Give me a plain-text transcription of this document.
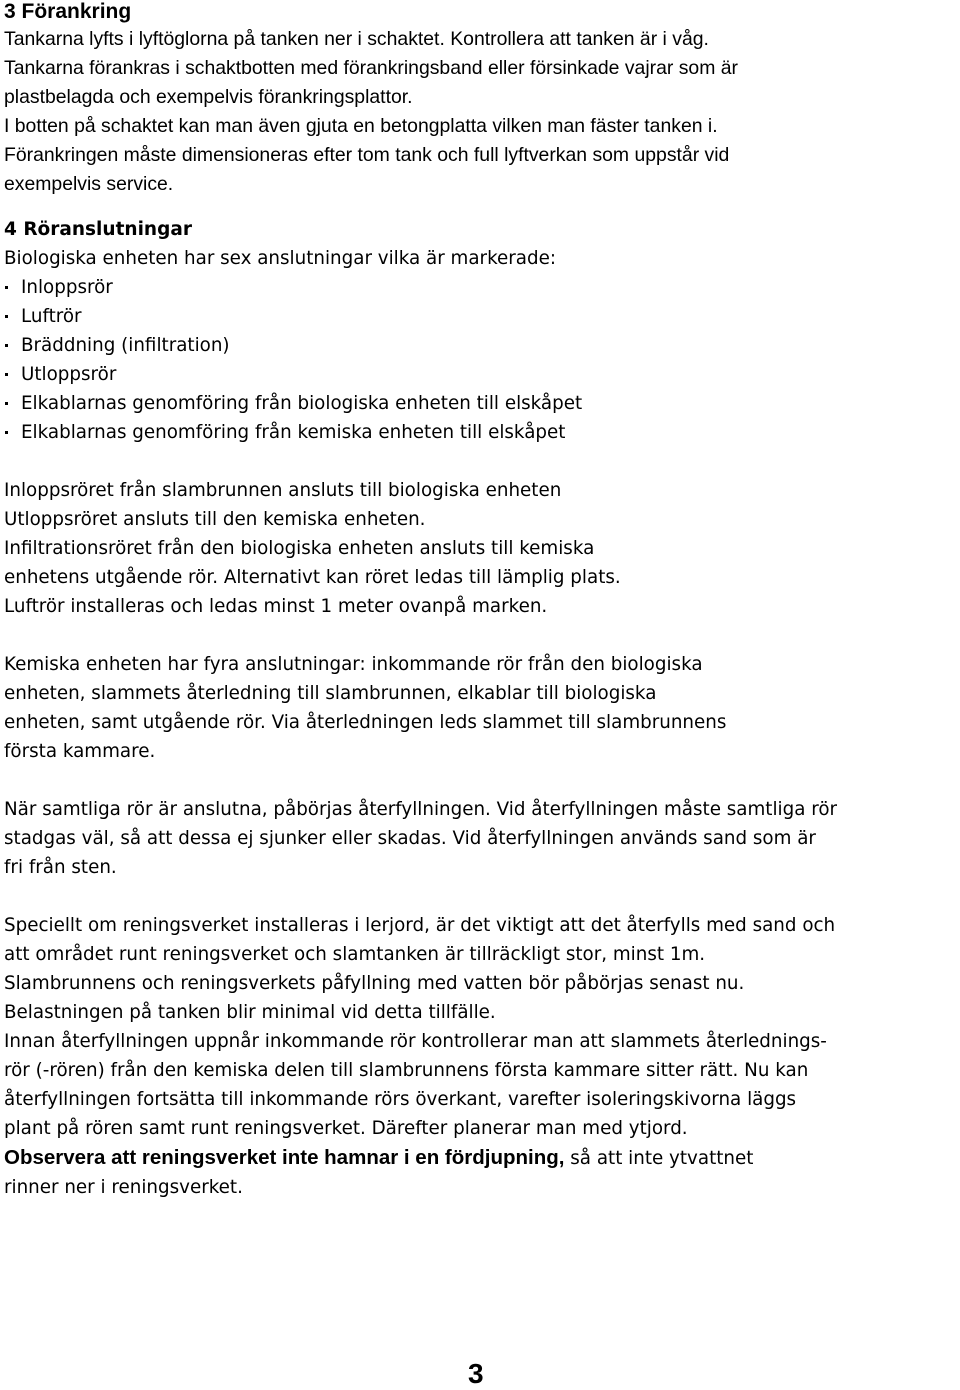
3 Förankring

Tankarna lyfts i lyftöglorna på tanken ner i schaktet. Kontrollera att tanken är i våg.

Tankarna förankras i schaktbotten med förankringsband eller försinkade vajrar som är

plastbelagda och exempelvis förankringsplattor.

I botten på schaktet kan man även gjuta en betongplatta vilken man fäster tanken i.

Förankringen måste dimensioneras efter tom tank och full lyftverkan som uppstår vid

exempelvis service.

4 Röranslutningar

Biologiska enheten har sex anslutningar vilka är markerade:

Inloppsrör
Luftrör
Bräddning (infiltration)
Utloppsrör
Elkablarnas genomföring från biologiska enheten till elskåpet
Elkablarnas genomföring från kemiska enheten till elskåpet

Inloppsröret från slambrunnen ansluts till biologiska enheten

Utloppsröret ansluts till den kemiska enheten.

Infiltrationsröret från den biologiska enheten ansluts till kemiska

enhetens utgående rör. Alternativt kan röret ledas till lämplig plats.

Luftrör installeras och ledas minst 1 meter ovanpå marken.

Kemiska enheten har fyra anslutningar: inkommande rör från den biologiska

enheten, slammets återledning till slambrunnen, elkablar till biologiska

enheten, samt utgående rör. Via återledningen leds slammet till slambrunnens

första kammare.

När samtliga rör är anslutna, påbörjas återfyllningen. Vid återfyllningen måste samtliga rör

stadgas väl, så att dessa ej sjunker eller skadas. Vid återfyllningen används sand som är

fri från sten.

Speciellt om reningsverket installeras i lerjord, är det viktigt att det återfylls med sand och

att området runt reningsverket och slamtanken är tillräckligt stor, minst 1m.

Slambrunnens och reningsverkets påfyllning med vatten bör påbörjas senast nu.

Belastningen på tanken blir minimal vid detta tillfälle.

Innan återfyllningen uppnår inkommande rör kontrollerar man att slammets återlednings-

rör (-rören) från den kemiska delen till slambrunnens första kammare sitter rätt. Nu kan

återfyllningen fortsätta till inkommande rörs överkant, varefter isoleringskivorna läggs

plant på rören samt runt reningsverket. Därefter planerar man med ytjord.

Observera att reningsverket inte hamnar i en fördjupning, så att inte ytvattnet

rinner ner i reningsverket.

3
